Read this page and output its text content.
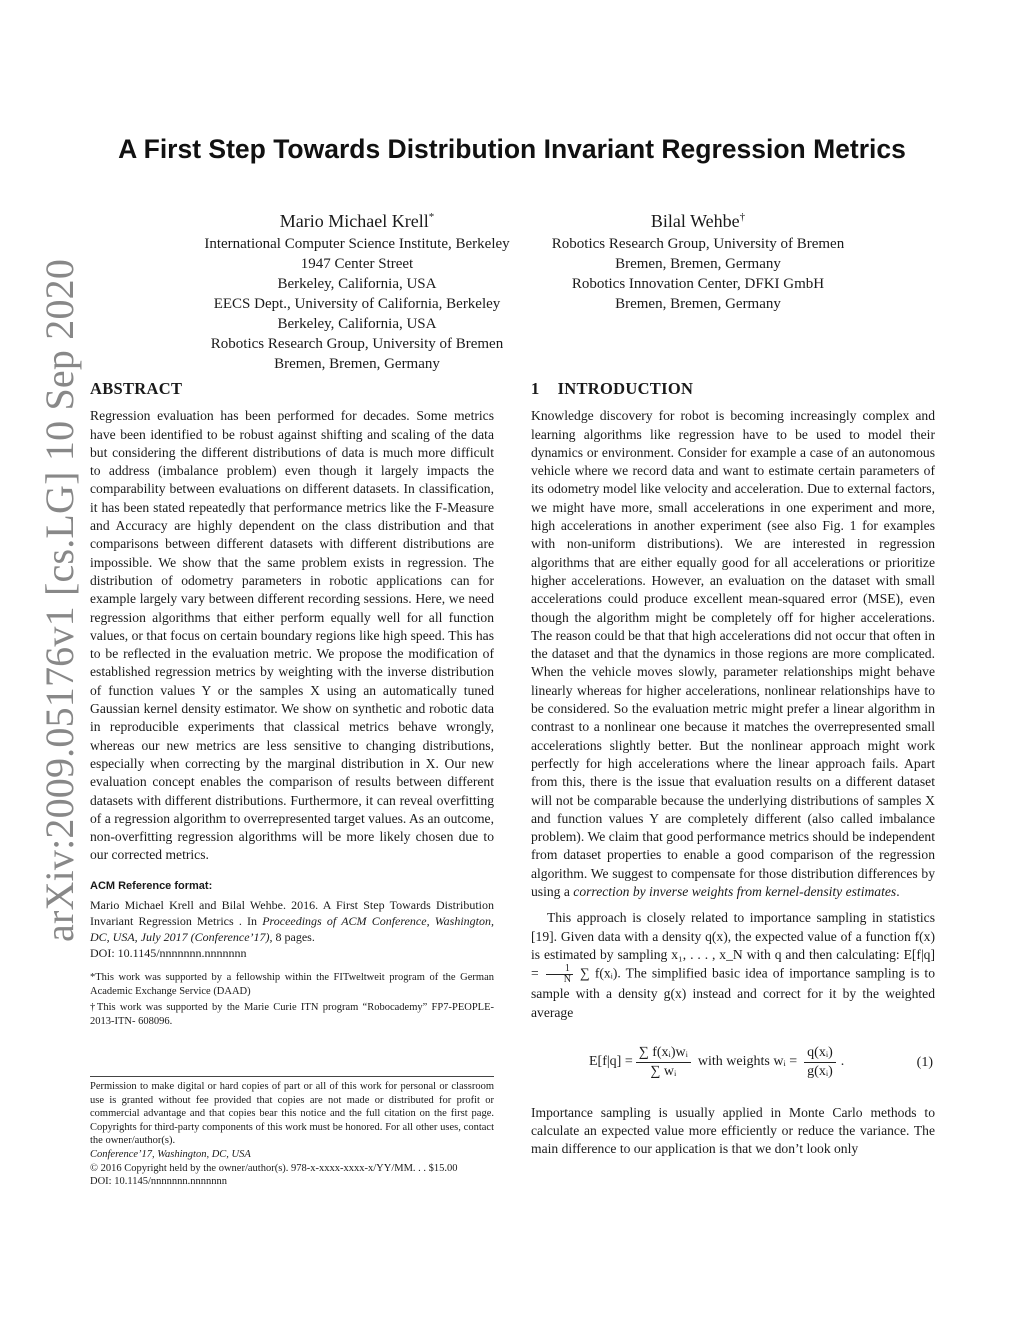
arXiv:2009.05176v1 [cs.LG] 10 Sep 2020
A First Step Towards Distribution Invariant Regression Metrics
Mario Michael Krell*
International Computer Science Institute, Berkeley
1947 Center Street
Berkeley, California, USA
EECS Dept., University of California, Berkeley
Berkeley, California, USA
Robotics Research Group, University of Bremen
Bremen, Bremen, Germany
Bilal Wehbe†
Robotics Research Group, University of Bremen
Bremen, Bremen, Germany
Robotics Innovation Center, DFKI GmbH
Bremen, Bremen, Germany
ABSTRACT

Regression evaluation has been performed for decades. Some metrics have been identified to be robust against shifting and scaling of the data but considering the different distributions of data is much more difficult to address (imbalance problem) even though it largely impacts the comparability between evaluations on different datasets. In classification, it has been stated repeatedly that performance metrics like the F-Measure and Accuracy are highly dependent on the class distribution and that comparisons between different datasets with different distributions are impossible. We show that the same problem exists in regression. The distribution of odometry parameters in robotic applications can for example largely vary between different recording sessions. Here, we need regression algorithms that either perform equally well for all function values, or that focus on certain boundary regions like high speed. This has to be reflected in the evaluation metric. We propose the modification of established regression metrics by weighting with the inverse distribution of function values Y or the samples X using an automatically tuned Gaussian kernel density estimator. We show on synthetic and robotic data in reproducible experiments that classical metrics behave wrongly, whereas our new metrics are less sensitive to changing distributions, especially when correcting by the marginal distribution in X. Our new evaluation concept enables the comparison of results between different datasets with different distributions. Furthermore, it can reveal overfitting of a regression algorithm to overrepresented target values. As an outcome, non-overfitting regression algorithms will be more likely chosen due to our corrected metrics.

ACM Reference format:

Mario Michael Krell and Bilal Wehbe. 2016. A First Step Towards Distribution Invariant Regression Metrics . In Proceedings of ACM Conference, Washington, DC, USA, July 2017 (Conference’17), 8 pages.
DOI: 10.1145/nnnnnnn.nnnnnnn

*This work was supported by a fellowship within the FITweltweit program of the German Academic Exchange Service (DAAD)
†This work was supported by the Marie Curie ITN program “Robocademy” FP7-PEOPLE-2013-ITN- 608096.
Permission to make digital or hard copies of part or all of this work for personal or classroom use is granted without fee provided that copies are not made or distributed for profit or commercial advantage and that copies bear this notice and the full citation on the first page. Copyrights for third-party components of this work must be honored. For all other uses, contact the owner/author(s).
Conference’17, Washington, DC, USA
© 2016 Copyright held by the owner/author(s). 978-x-xxxx-xxxx-x/YY/MM. . . $15.00
DOI: 10.1145/nnnnnnn.nnnnnnn
1 INTRODUCTION

Knowledge discovery for robot is becoming increasingly complex and learning algorithms like regression have to be used to model their dynamics or environment. Consider for example a case of an autonomous vehicle where we record data and want to estimate certain parameters of its odometry model like velocity and acceleration. Due to external factors, we might have more, small accelerations in one experiment and more, high accelerations in another experiment (see also Fig. 1 for examples with non-uniform distributions). We are interested in regression algorithms that are either equally good for all accelerations or prioritize higher accelerations. However, an evaluation on the dataset with small accelerations could produce excellent mean-squared error (MSE), even though the algorithm might be completely off for higher accelerations. The reason could be that that high accelerations did not occur that often in the dataset and that the dynamics in those regions are more complicated. When the vehicle moves slowly, parameter relationships might behave linearly whereas for higher accelerations, nonlinear relationships have to be considered. So the evaluation metric might prefer a linear algorithm in contrast to a nonlinear one because it matches the overrepresented small accelerations slightly better. But the nonlinear approach might work perfectly for high accelerations where the linear approach fails. Apart from this, there is the issue that evaluation results on a different dataset will not be comparable because the underlying distributions of samples X and function values Y are completely different (also called imbalance problem). We claim that good performance metrics should be independent from dataset properties to enable a good comparison of the regression algorithm. We suggest to compensate for those distribution differences by using a correction by inverse weights from kernel-density estimates.

This approach is closely related to importance sampling in statistics [19]. Given data with a density q(x), the expected value of a function f(x) is estimated by sampling x₁, . . . , x_N with q and then calculating: $E[f|q] = \frac{1}{N}$ ∑ f(xᵢ). The simplified basic idea of importance sampling is to sample with a density g(x) instead and correct for it by the weighted average

$E[f|q] = \frac{\text{∑ f(xᵢ)wᵢ}}{\text{∑ wᵢ}}$ with weights wᵢ = $\frac{\text{q(xᵢ)}}{\text{g(xᵢ)}}$ .	(1)

Importance sampling is usually applied in Monte Carlo methods to calculate an expected value more efficiently or reduce the variance. The main difference to our application is that we don’t look only
